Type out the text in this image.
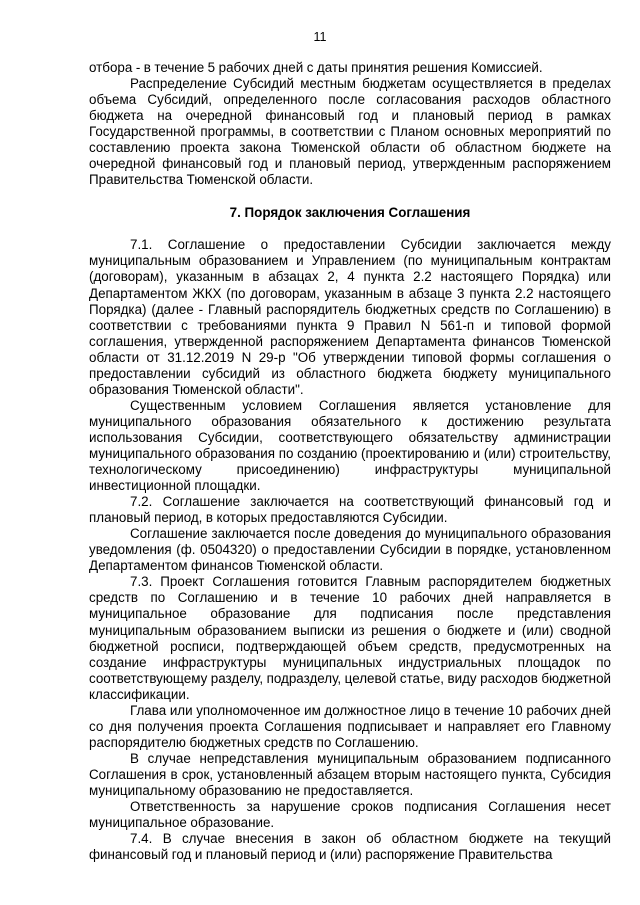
11

отбора - в течение 5 рабочих дней с даты принятия решения Комиссией.

Распределение Субсидий местным бюджетам осуществляется в пределах объема Субсидий, определенного после согласования расходов областного бюджета на очередной финансовый год и плановый период в рамках Государственной программы, в соответствии с Планом основных мероприятий по составлению проекта закона Тюменской области об областном бюджете на очередной финансовый год и плановый период, утвержденным распоряжением Правительства Тюменской области.

7. Порядок заключения Соглашения

7.1. Соглашение о предоставлении Субсидии заключается между муниципальным образованием и Управлением (по муниципальным контрактам (договорам), указанным в абзацах 2, 4 пункта 2.2 настоящего Порядка) или Департаментом ЖКХ (по договорам, указанным в абзаце 3 пункта 2.2 настоящего Порядка) (далее - Главный распорядитель бюджетных средств по Соглашению) в соответствии с требованиями пункта 9 Правил N 561-п и типовой формой соглашения, утвержденной распоряжением Департамента финансов Тюменской области от 31.12.2019 N 29-р "Об утверждении типовой формы соглашения о предоставлении субсидий из областного бюджета бюджету муниципального образования Тюменской области".

Существенным условием Соглашения является установление для муниципального образования обязательного к достижению результата использования Субсидии, соответствующего обязательству администрации муниципального образования по созданию (проектированию и (или) строительству, технологическому присоединению) инфраструктуры муниципальной инвестиционной площадки.

7.2. Соглашение заключается на соответствующий финансовый год и плановый период, в которых предоставляются Субсидии.

Соглашение заключается после доведения до муниципального образования уведомления (ф. 0504320) о предоставлении Субсидии в порядке, установленном Департаментом финансов Тюменской области.

7.3. Проект Соглашения готовится Главным распорядителем бюджетных средств по Соглашению и в течение 10 рабочих дней направляется в муниципальное образование для подписания после представления муниципальным образованием выписки из решения о бюджете и (или) сводной бюджетной росписи, подтверждающей объем средств, предусмотренных на создание инфраструктуры муниципальных индустриальных площадок по соответствующему разделу, подразделу, целевой статье, виду расходов бюджетной классификации.

Глава или уполномоченное им должностное лицо в течение 10 рабочих дней со дня получения проекта Соглашения подписывает и направляет его Главному распорядителю бюджетных средств по Соглашению.

В случае непредставления муниципальным образованием подписанного Соглашения в срок, установленный абзацем вторым настоящего пункта, Субсидия муниципальному образованию не предоставляется.

Ответственность за нарушение сроков подписания Соглашения несет муниципальное образование.

7.4. В случае внесения в закон об областном бюджете на текущий финансовый год и плановый период и (или) распоряжение Правительства
